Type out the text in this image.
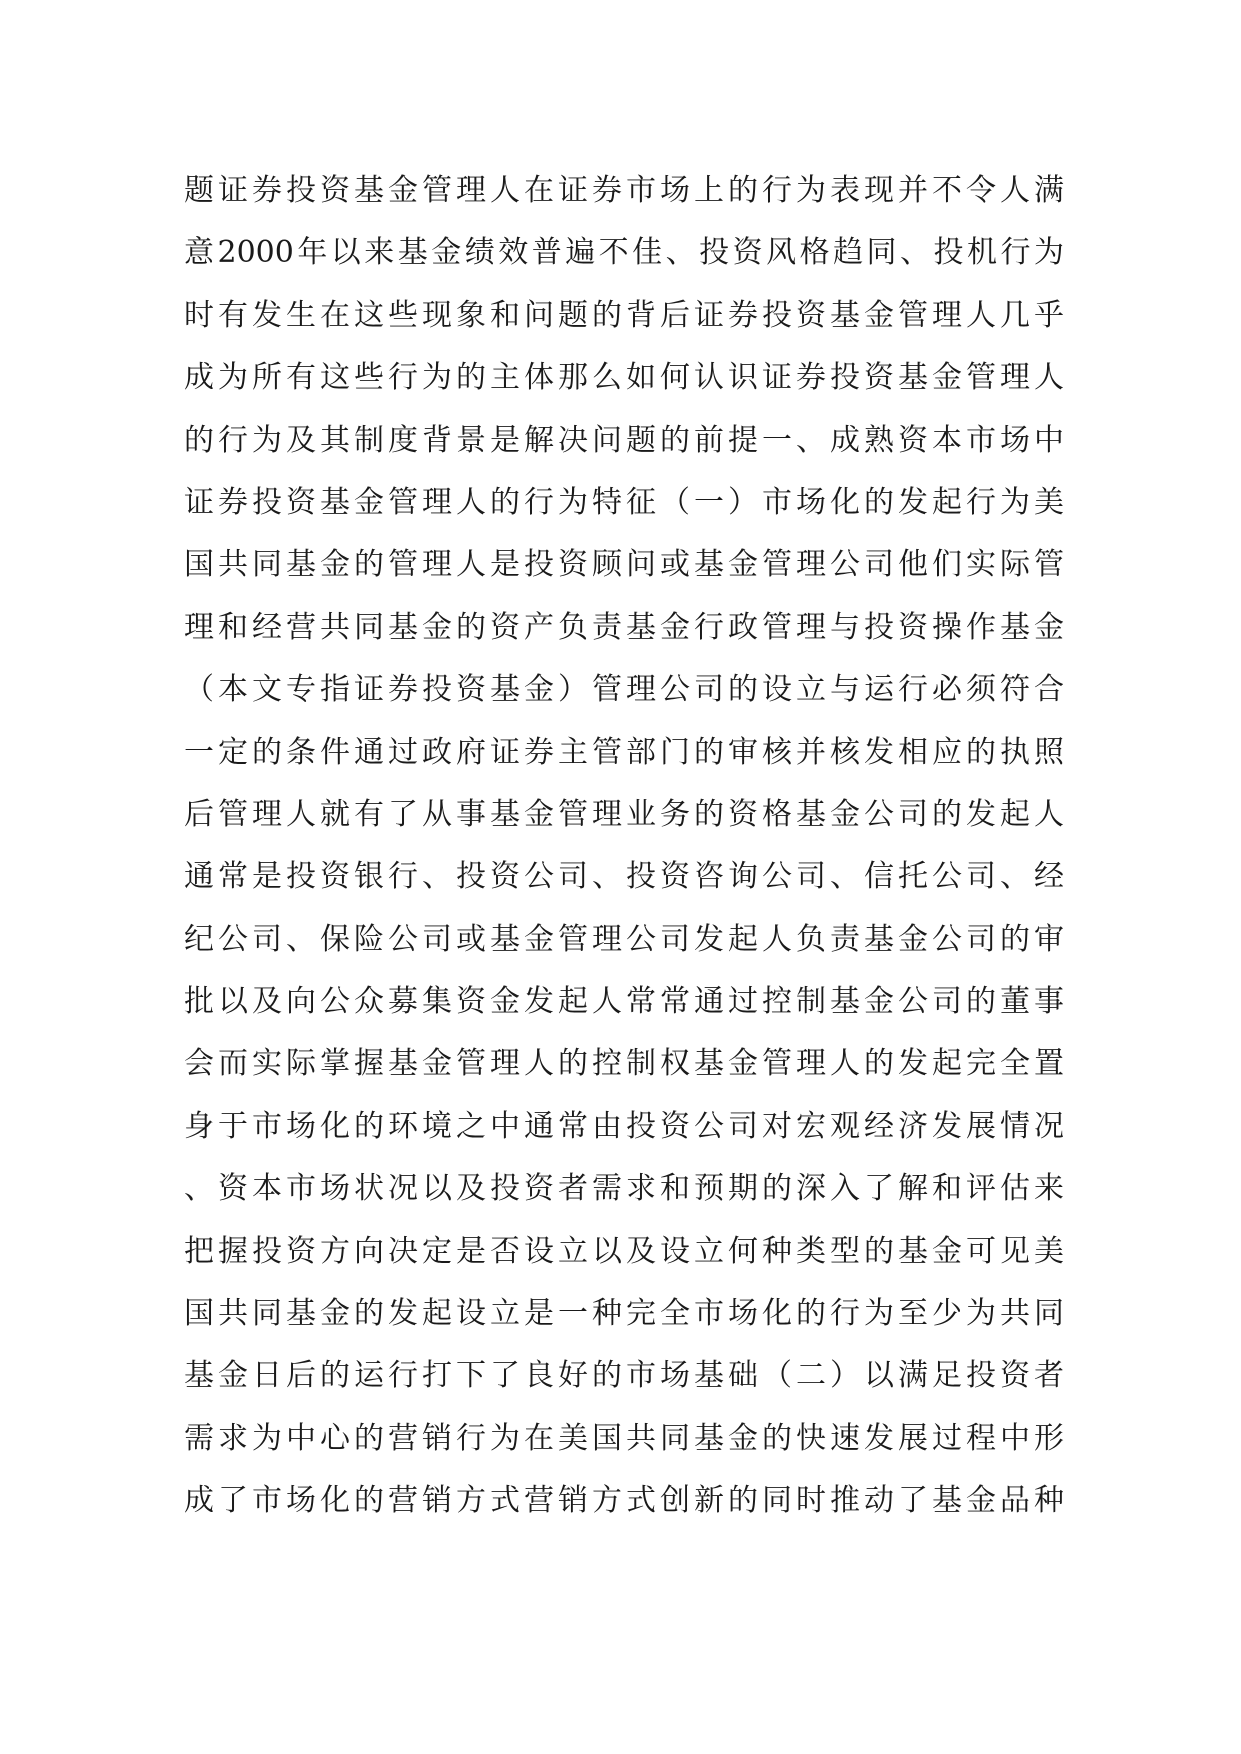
题证券投资基金管理人在证券市场上的行为表现并不令人满
意2000年以来基金绩效普遍不佳、投资风格趋同、投机行为
时有发生在这些现象和问题的背后证券投资基金管理人几乎
成为所有这些行为的主体那么如何认识证券投资基金管理人
的行为及其制度背景是解决问题的前提一、成熟资本市场中
证券投资基金管理人的行为特征（一）市场化的发起行为美
国共同基金的管理人是投资顾问或基金管理公司他们实际管
理和经营共同基金的资产负责基金行政管理与投资操作基金
（本文专指证券投资基金）管理公司的设立与运行必须符合
一定的条件通过政府证券主管部门的审核并核发相应的执照
后管理人就有了从事基金管理业务的资格基金公司的发起人
通常是投资银行、投资公司、投资咨询公司、信托公司、经
纪公司、保险公司或基金管理公司发起人负责基金公司的审
批以及向公众募集资金发起人常常通过控制基金公司的董事
会而实际掌握基金管理人的控制权基金管理人的发起完全置
身于市场化的环境之中通常由投资公司对宏观经济发展情况
、资本市场状况以及投资者需求和预期的深入了解和评估来
把握投资方向决定是否设立以及设立何种类型的基金可见美
国共同基金的发起设立是一种完全市场化的行为至少为共同
基金日后的运行打下了良好的市场基础（二）以满足投资者
需求为中心的营销行为在美国共同基金的快速发展过程中形
成了市场化的营销方式营销方式创新的同时推动了基金品种
